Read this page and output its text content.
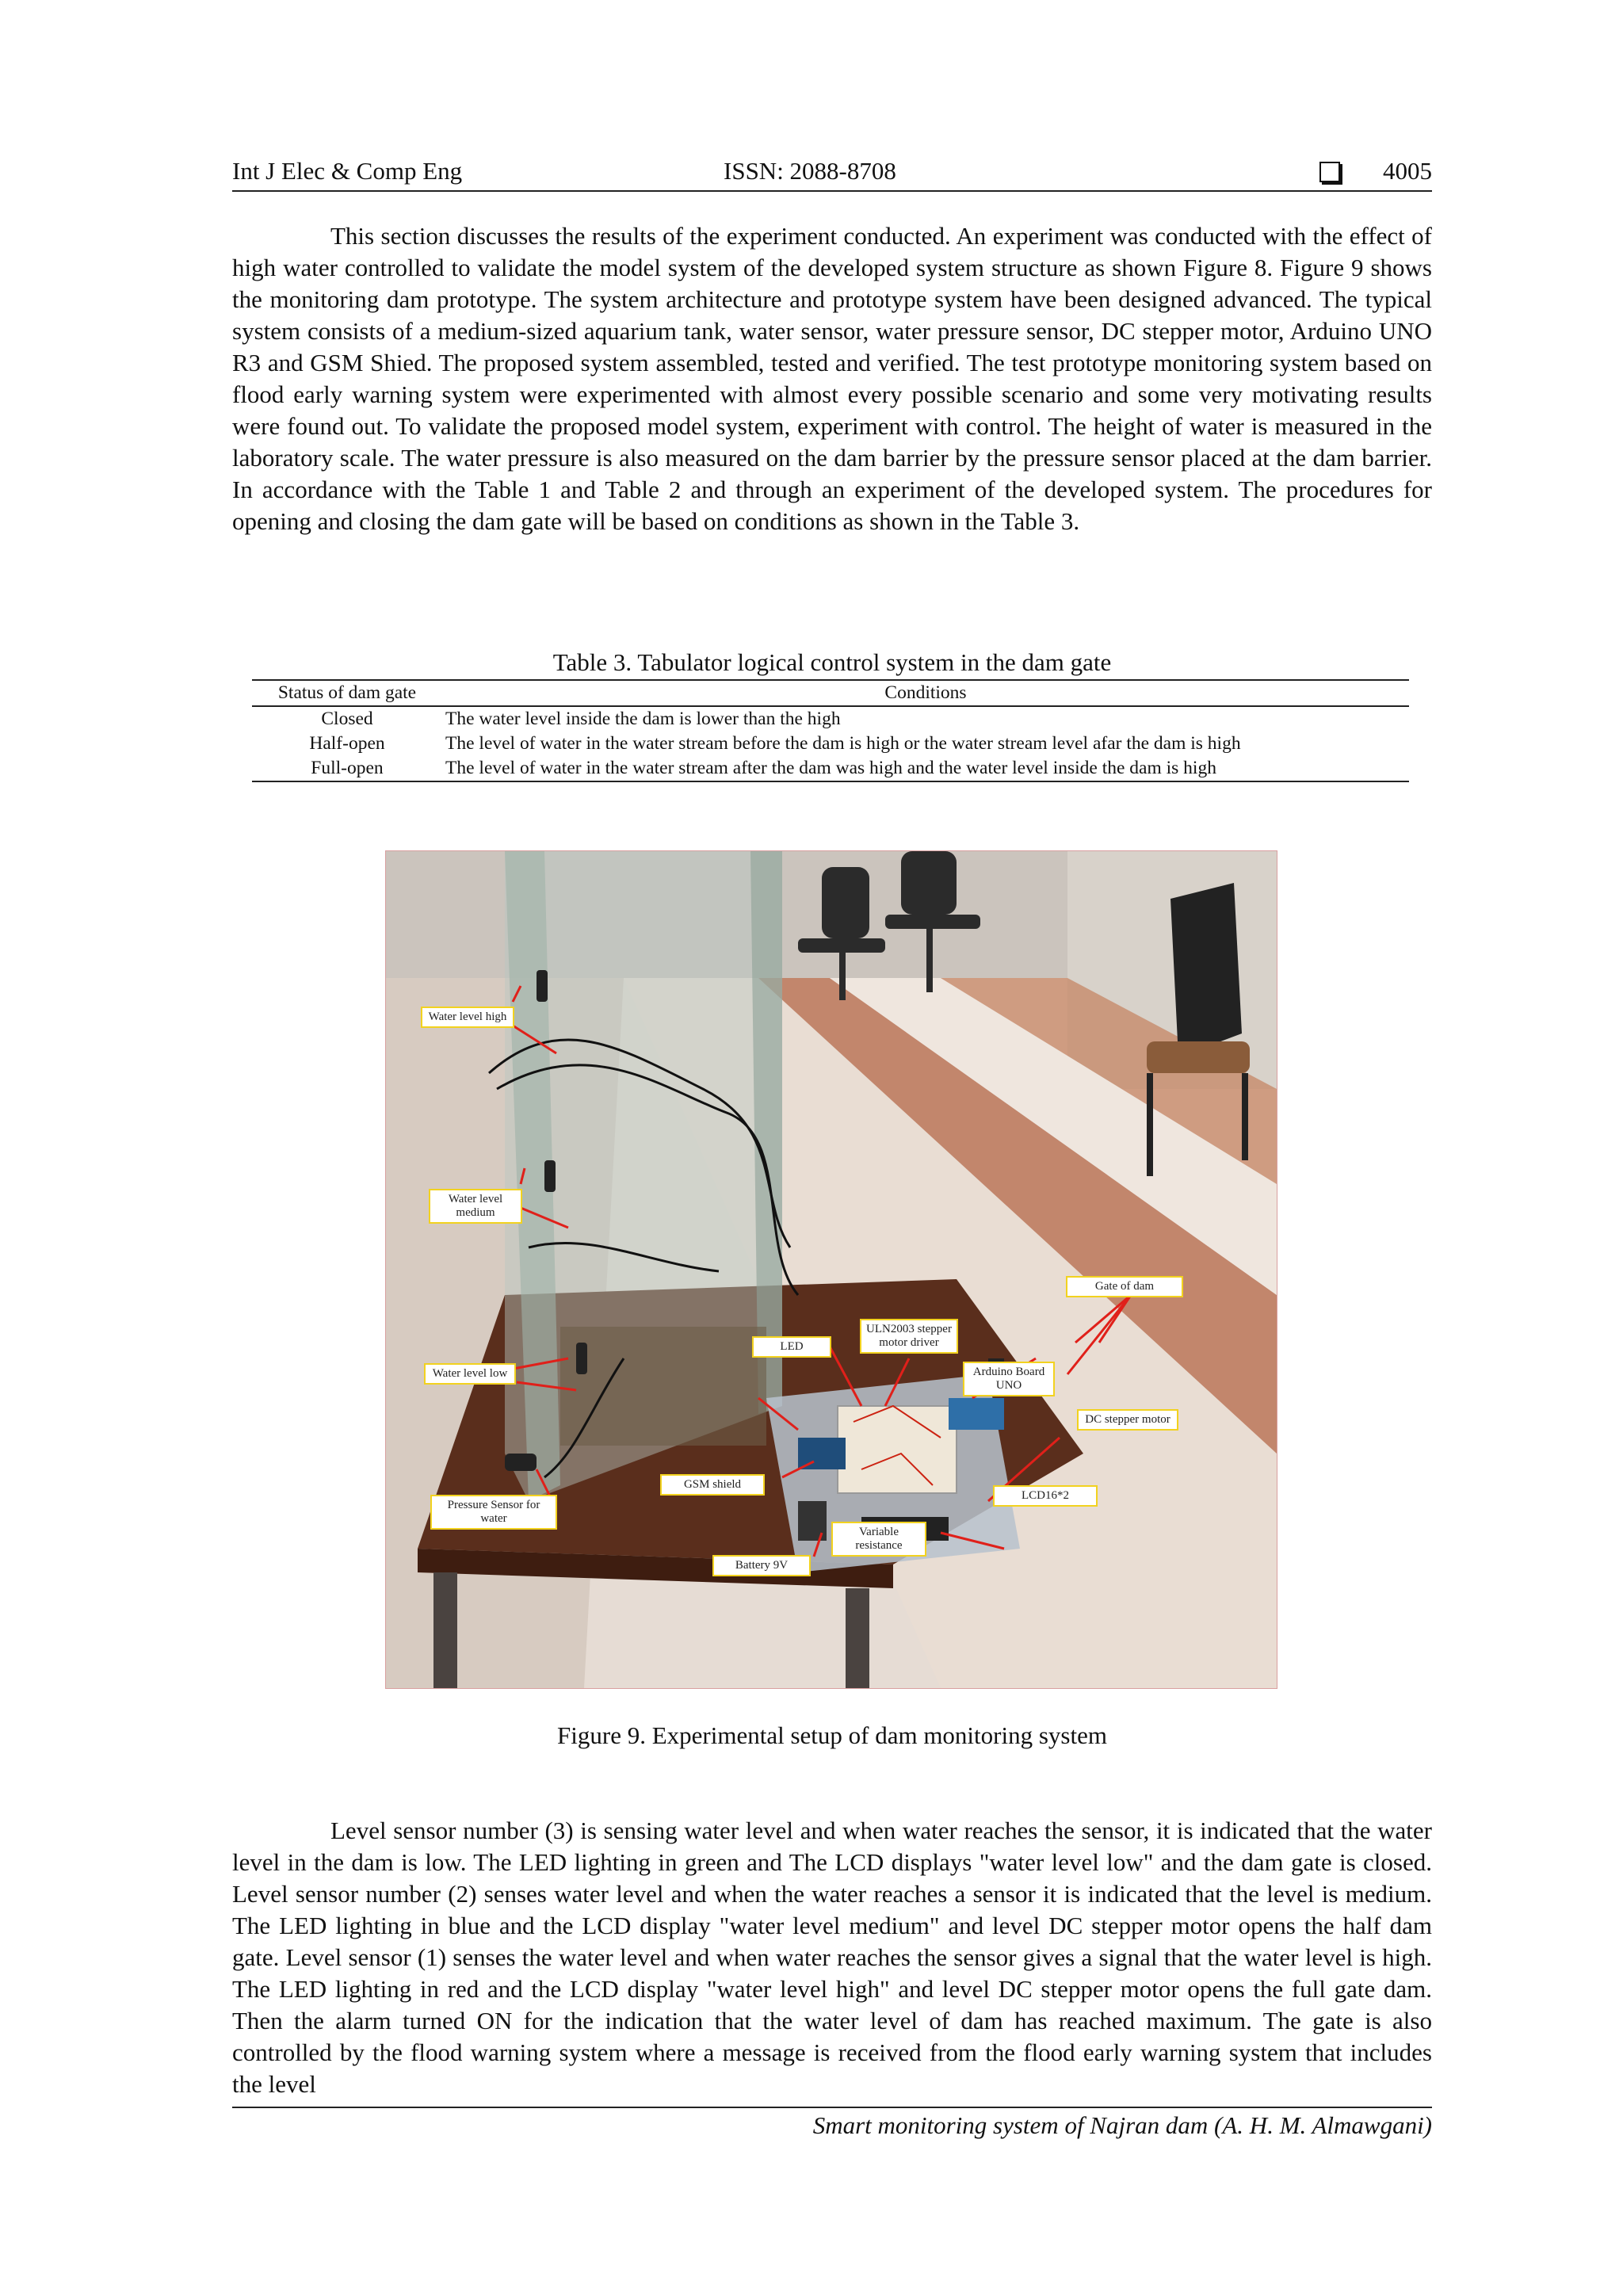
Int J Elec & Comp Eng	ISSN: 2088-8708	4005

This section discusses the results of the experiment conducted. An experiment was conducted with the effect of high water controlled to validate the model system of the developed system structure as shown Figure 8. Figure 9 shows the monitoring dam prototype. The system architecture and prototype system have been designed advanced. The typical system consists of a medium-sized aquarium tank, water sensor, water pressure sensor, DC stepper motor, Arduino UNO R3 and GSM Shied. The proposed system assembled, tested and verified. The test prototype monitoring system based on flood early warning system were experimented with almost every possible scenario and some very motivating results were found out. To validate the proposed model system, experiment with control. The height of water is measured in the laboratory scale. The water pressure is also measured on the dam barrier by the pressure sensor placed at the dam barrier. In accordance with the Table 1 and Table 2 and through an experiment of the developed system. The procedures for opening and closing the dam gate will be based on conditions as shown in the Table 3.

Table 3. Tabulator logical control system in the dam gate

Status of dam gate	Conditions
Closed	The water level inside the dam is lower than the high
Half-open	The level of water in the water stream before the dam is high or the water stream level afar the dam is high
Full-open	The level of water in the water stream after the dam was high and the water level inside the dam is high
Water level high
Water level medium
Water level low
Gate of dam
ULN2003 stepper motor driver
LED
Arduino Board UNO
DC stepper motor
GSM shield
LCD16*2
Pressure Sensor for water
Variable resistance
Battery 9V

Figure 9. Experimental setup of dam monitoring system

Level sensor number (3) is sensing water level and when water reaches the sensor, it is indicated that the water level in the dam is low. The LED lighting in green and The LCD displays "water level low" and the dam gate is closed. Level sensor number (2) senses water level and when the water reaches a sensor it is indicated that the level is medium. The LED lighting in blue and the LCD display "water level medium" and level DC stepper motor opens the half dam gate. Level sensor (1) senses the water level and when water reaches the sensor gives a signal that the water level is high. The LED lighting in red and the LCD display "water level high" and level DC stepper motor opens the full gate dam. Then the alarm turned ON for the indication that the water level of dam has reached maximum. The gate is also controlled by the flood warning system where a message is received from the flood early warning system that includes the level

Smart monitoring system of Najran dam (A. H. M. Almawgani)
